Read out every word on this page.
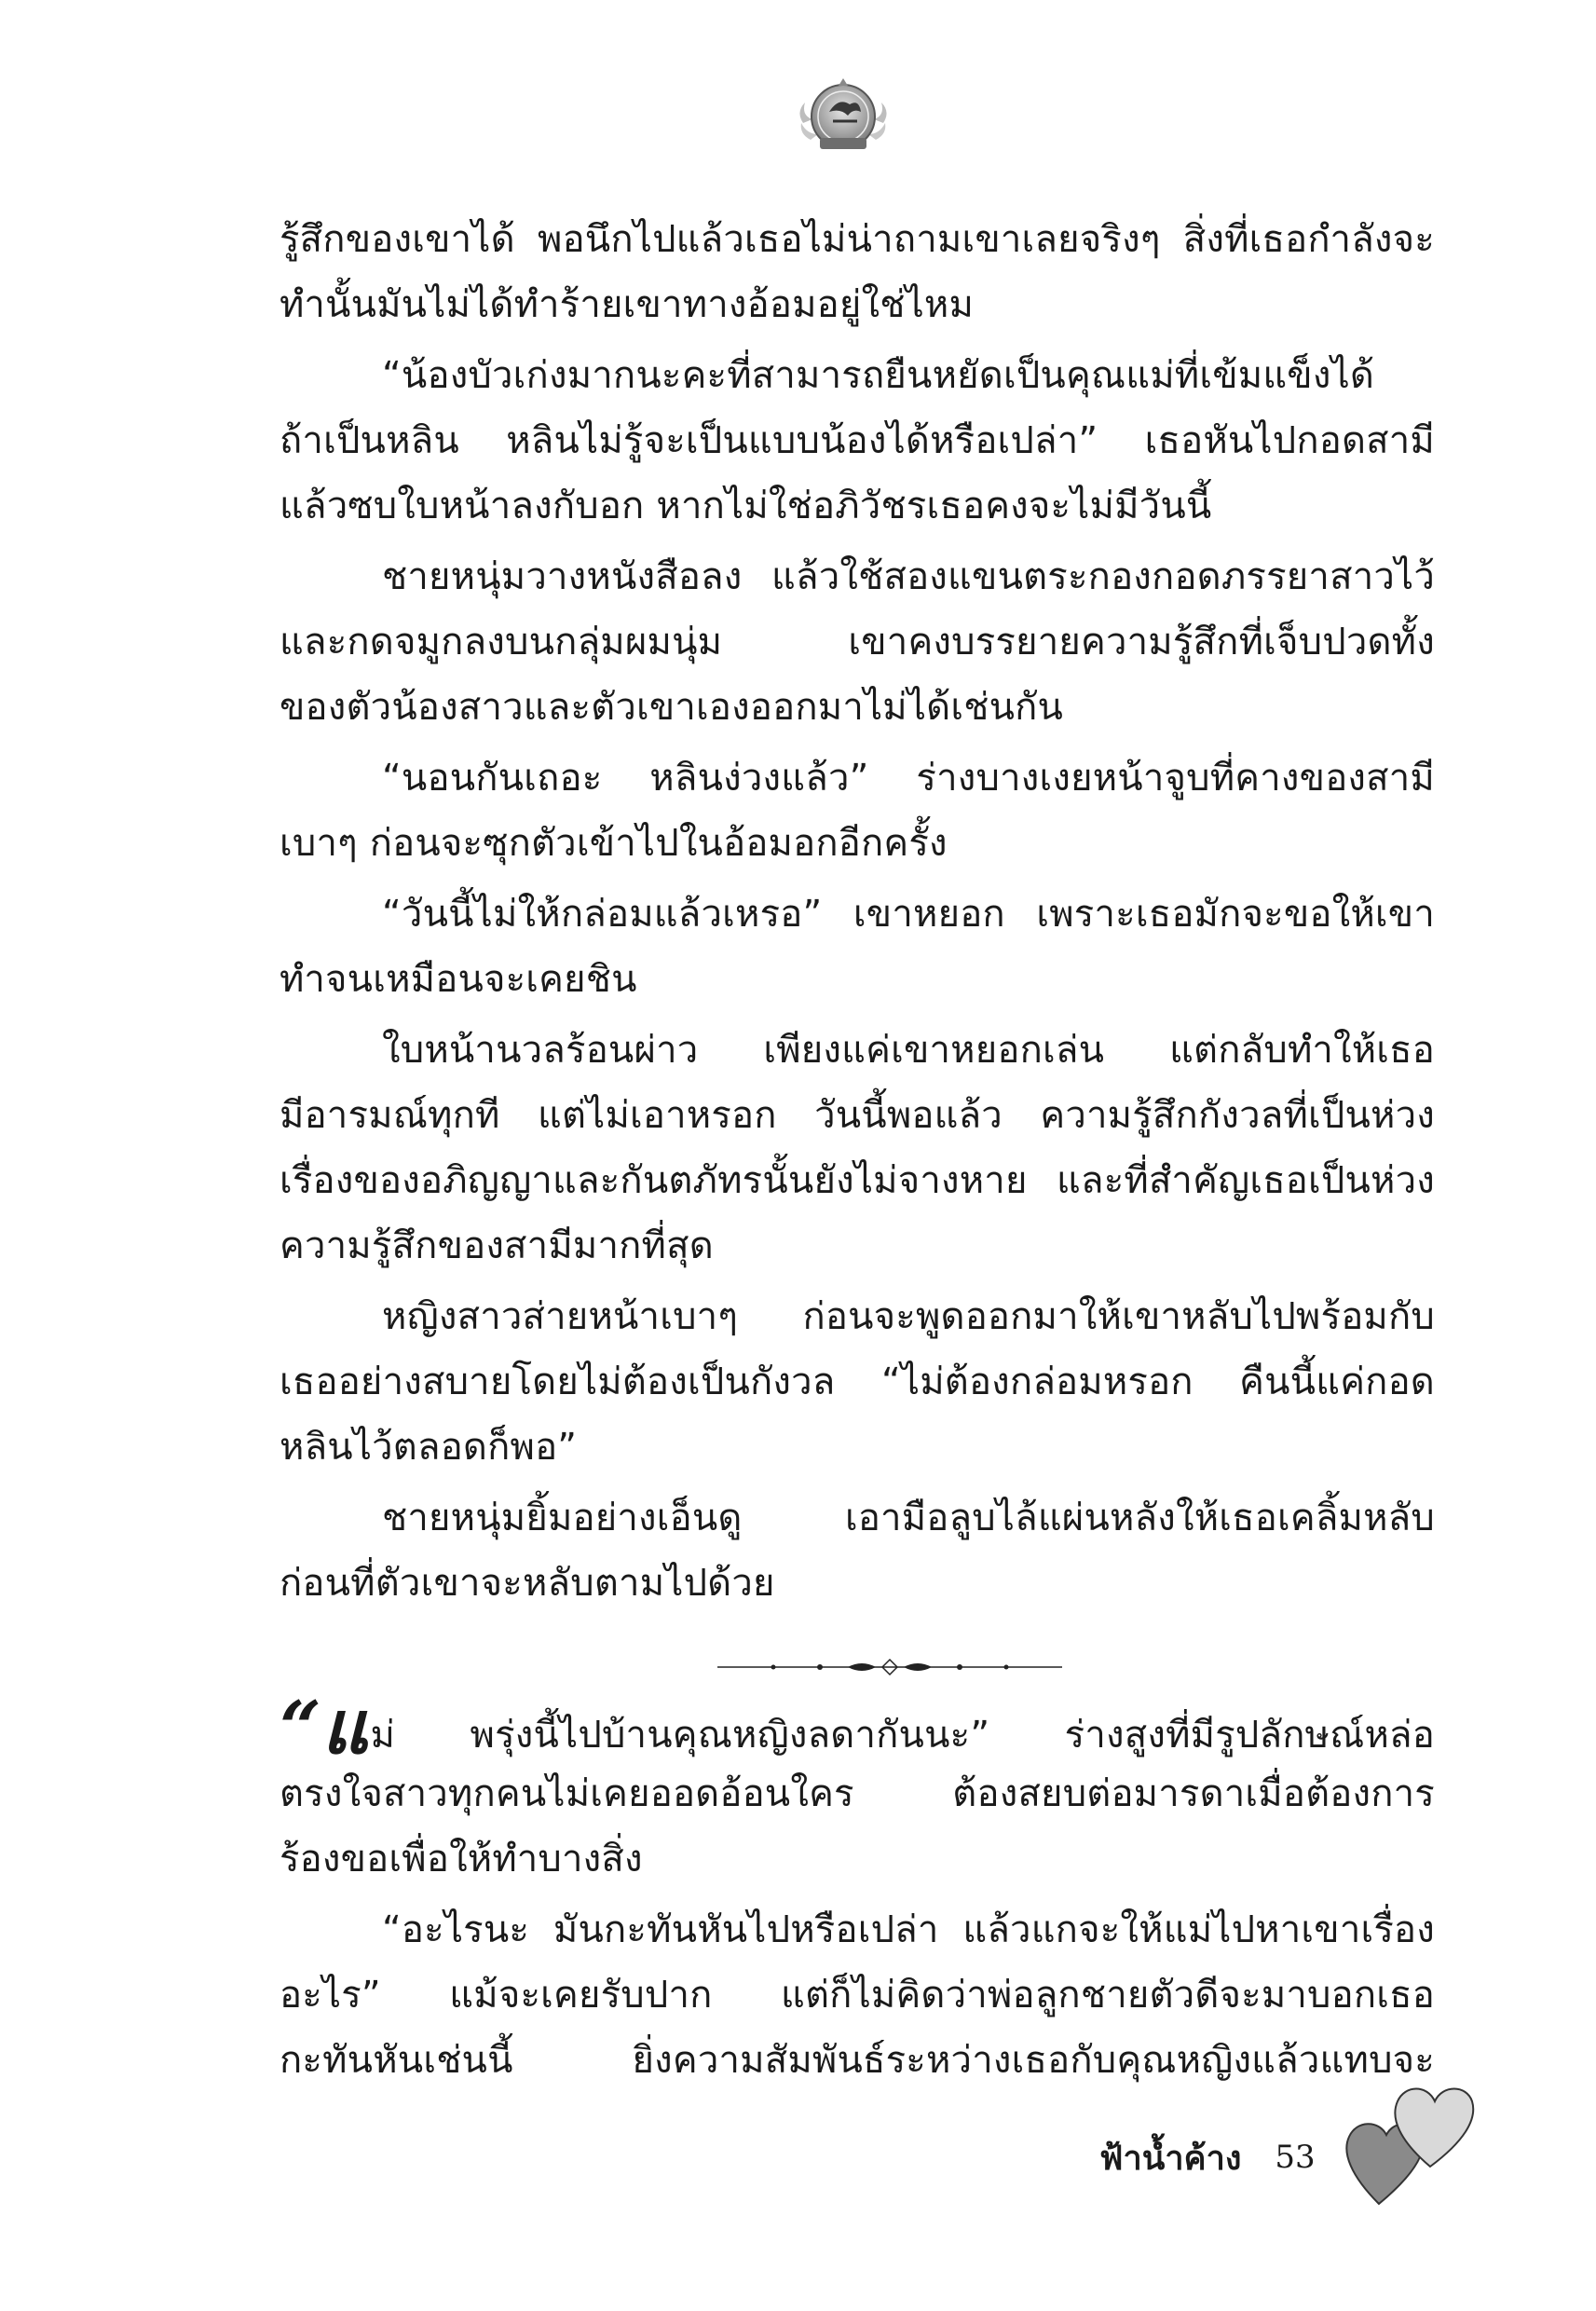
รู้สึกของเขาได้ พอนึกไปแล้วเธอไม่น่าถามเขาเลยจริงๆ สิ่งที่เธอกำลังจะ
ทำนั้นมันไม่ได้ทำร้ายเขาทางอ้อมอยู่ใช่ไหม
“น้องบัวเก่งมากนะคะที่สามารถยืนหยัดเป็นคุณแม่ที่เข้มแข็งได้
ถ้าเป็นหลิน หลินไม่รู้จะเป็นแบบน้องได้หรือเปล่า” เธอหันไปกอดสามี
แล้วซบใบหน้าลงกับอก หากไม่ใช่อภิวัชรเธอคงจะไม่มีวันนี้
ชายหนุ่มวางหนังสือลง แล้วใช้สองแขนตระกองกอดภรรยาสาวไว้
และกดจมูกลงบนกลุ่มผมนุ่ม เขาคงบรรยายความรู้สึกที่เจ็บปวดทั้ง
ของตัวน้องสาวและตัวเขาเองออกมาไม่ได้เช่นกัน
“นอนกันเถอะ หลินง่วงแล้ว” ร่างบางเงยหน้าจูบที่คางของสามี
เบาๆ ก่อนจะซุกตัวเข้าไปในอ้อมอกอีกครั้ง
“วันนี้ไม่ให้กล่อมแล้วเหรอ” เขาหยอก เพราะเธอมักจะขอให้เขา
ทำจนเหมือนจะเคยชิน
ใบหน้านวลร้อนผ่าว เพียงแค่เขาหยอกเล่น แต่กลับทำให้เธอ
มีอารมณ์ทุกที แต่ไม่เอาหรอก วันนี้พอแล้ว ความรู้สึกกังวลที่เป็นห่วง
เรื่องของอภิญญาและกันตภัทรนั้นยังไม่จางหาย และที่สำคัญเธอเป็นห่วง
ความรู้สึกของสามีมากที่สุด
หญิงสาวส่ายหน้าเบาๆ ก่อนจะพูดออกมาให้เขาหลับไปพร้อมกับ
เธออย่างสบายโดยไม่ต้องเป็นกังวล “ไม่ต้องกล่อมหรอก คืนนี้แค่กอด
หลินไว้ตลอดก็พอ”
ชายหนุ่มยิ้มอย่างเอ็นดู เอามือลูบไล้แผ่นหลังให้เธอเคลิ้มหลับ
ก่อนที่ตัวเขาจะหลับตามไปด้วย
“แม่ พรุ่งนี้ไปบ้านคุณหญิงลดากันนะ” ร่างสูงที่มีรูปลักษณ์หล่อ
ตรงใจสาวทุกคนไม่เคยออดอ้อนใคร ต้องสยบต่อมารดาเมื่อต้องการ
ร้องขอเพื่อให้ทำบางสิ่ง
“อะไรนะ มันกะทันหันไปหรือเปล่า แล้วแกจะให้แม่ไปหาเขาเรื่อง
อะไร” แม้จะเคยรับปาก แต่ก็ไม่คิดว่าพ่อลูกชายตัวดีจะมาบอกเธอ
กะทันหันเช่นนี้ ยิ่งความสัมพันธ์ระหว่างเธอกับคุณหญิงแล้วแทบจะ
ฟ้าน้ำค้าง 53
